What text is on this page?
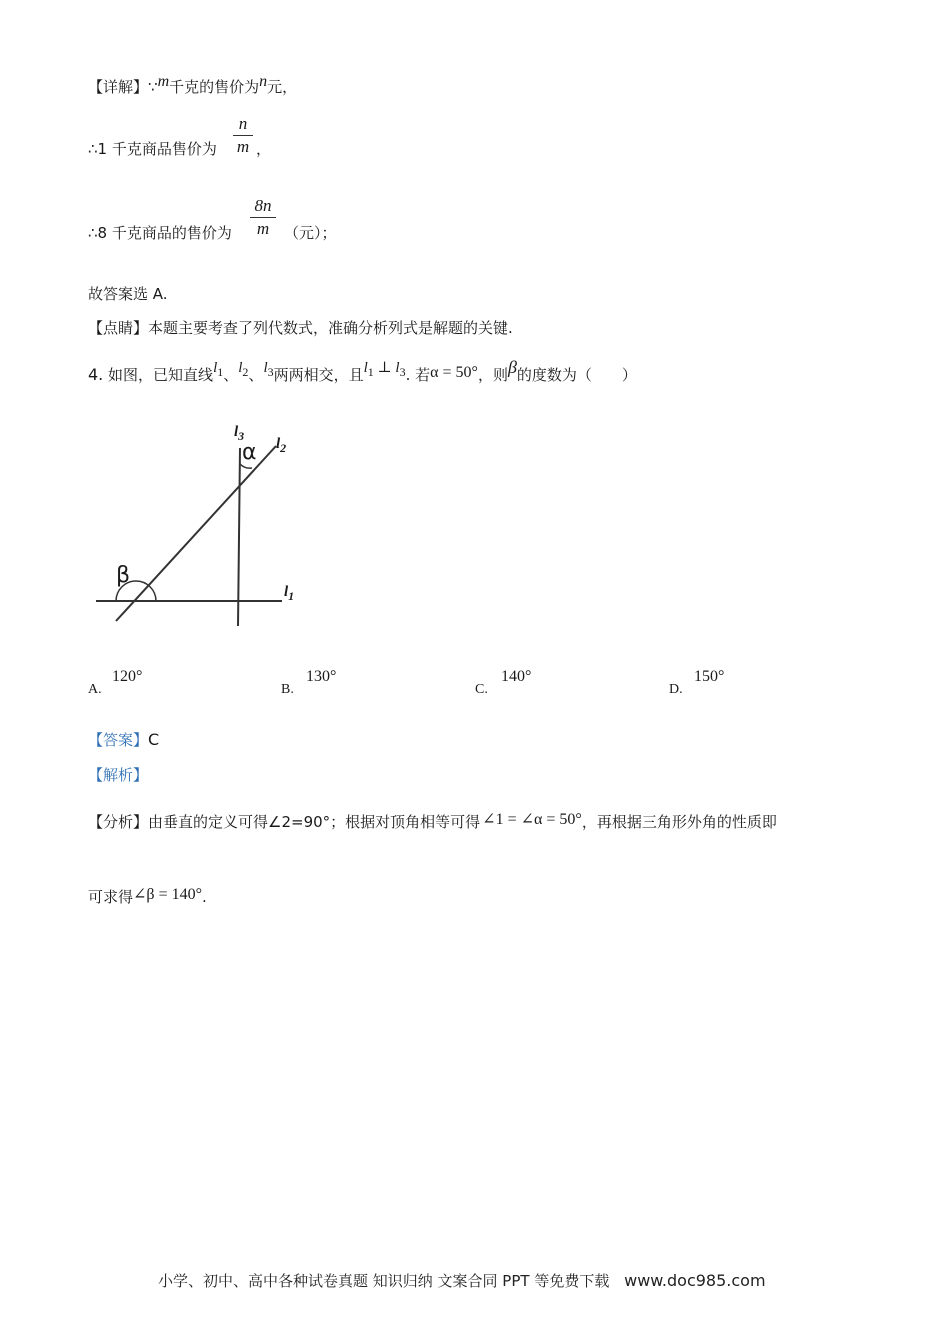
【详解】∵m千克的售价为n元，
∴1 千克商品售价为
n
m ，
∴8 千克商品的售价为
8n
m （元）；
故答案选 A.
【点睛】本题主要考查了列代数式，准确分析列式是解题的关键.
4. 如图，已知直线$l_1$、$l_2$、$l_3$两两相交，且$l_1$ ⊥ $l_3$. 若α = 50°，则β的度数为（　　）
$l_3$ $l_2$
$l_1$
α
β
120°
A.
130°
B.
140°
C.
150°
D.
【答案】C
【解析】
【分析】由垂直的定义可得∠2=90°；根据对顶角相等可得 ∠1 = ∠α = 50°，再根据三角形外角的性质即
可求得∠β = 140°.
小学、初中、高中各种试卷真题 知识归纳 文案合同 PPT 等免费下载 www.doc985.com
